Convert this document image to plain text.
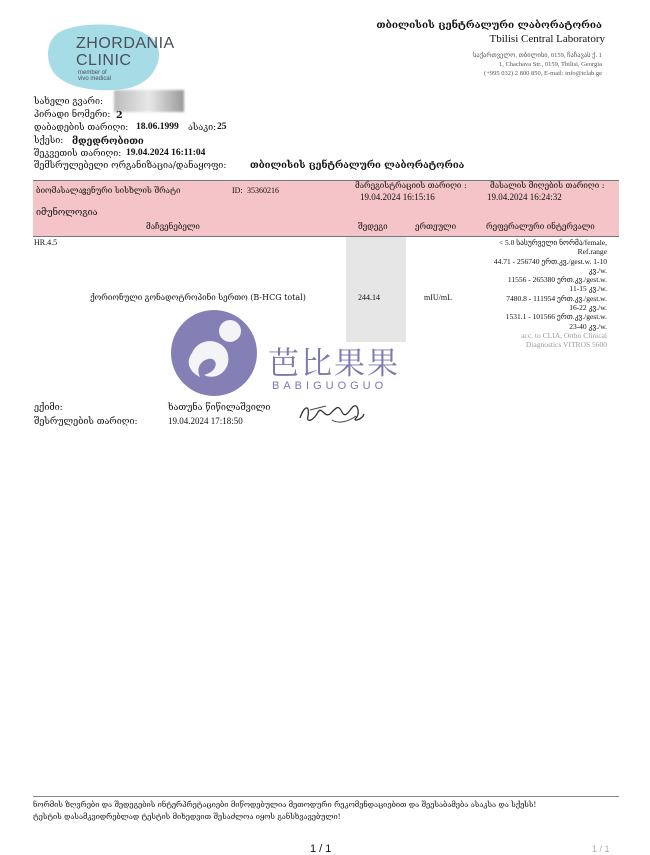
ZHORDANIA
CLINIC
member of
vivo medical
თბილისის ცენტრალური ლაბორატორია
Tbilisi Central Laboratory
საქართველო, თბილისი, 0159, ჩაჩავას ქ. 1
1, Chachava Str., 0159, Tbilisi, Georgia
(+995 032) 2 800 850, E-mail: info@tclab.ge
სახელი გვარი:
პირადი ნომერი: 2
დაბადების თარიღი: 18.06.1999 ასაკი: 25
სქესი: მდედრობითი
შეკვეთის თარიღი: 19.04.2024 16:11:04
შემსრულებელი ორგანიზაცია/დანაყოფი: თბილისის ცენტრალური ლაბორატორია
ბიომასალა:
ვენური სისხლის შრატი	ID: 35360216
მარეგისტრაციის თარიღი :
19.04.2024 16:15:16
მასალის მიღების თარიღი :
19.04.2024 16:24:32
იმუნოლოგია
მაჩვენებელი	შედეგი	ერთეული	რეფერალური ინტერვალი
HR.4.5
ქორიონული გონადოტროპინი სერთო (B-HCG total)	244.14	mIU/mL
< 5.0 სასურველი ნორმა/female,
Ref.range
44.71 - 256740 ერთ.კვ./gest.w. 1-10
კვ./w.
11556 - 265380 ერთ.კვ./gest.w.
11-15 კვ./w.
7480.8 - 111954 ერთ.კვ./gest.w.
16-22 კვ./w.
1531.1 - 101566 ერთ.კვ./gest.w.
23-40 კვ./w.
acc. to CLIA, Ortho Clinical
Diagnostics VITROS 5600
芭比果果
BABIGUOGUO
ექიმი:	ხათუნა წიწილაშვილი
შესრულების თარიღი:	19.04.2024 17:18:50
ნორმის ზღვრები და შედეგების ინტერპრეტაციები მიწოდებულია მეთოდური რეკომენდაციებით და შეესაბამება ასაკსა და სქესს!
ტესტის დასამკვიდრებლად ტესტის მიხედვით შესაძლოა იყოს განსხვავებული!
1 / 1	1 / 1
